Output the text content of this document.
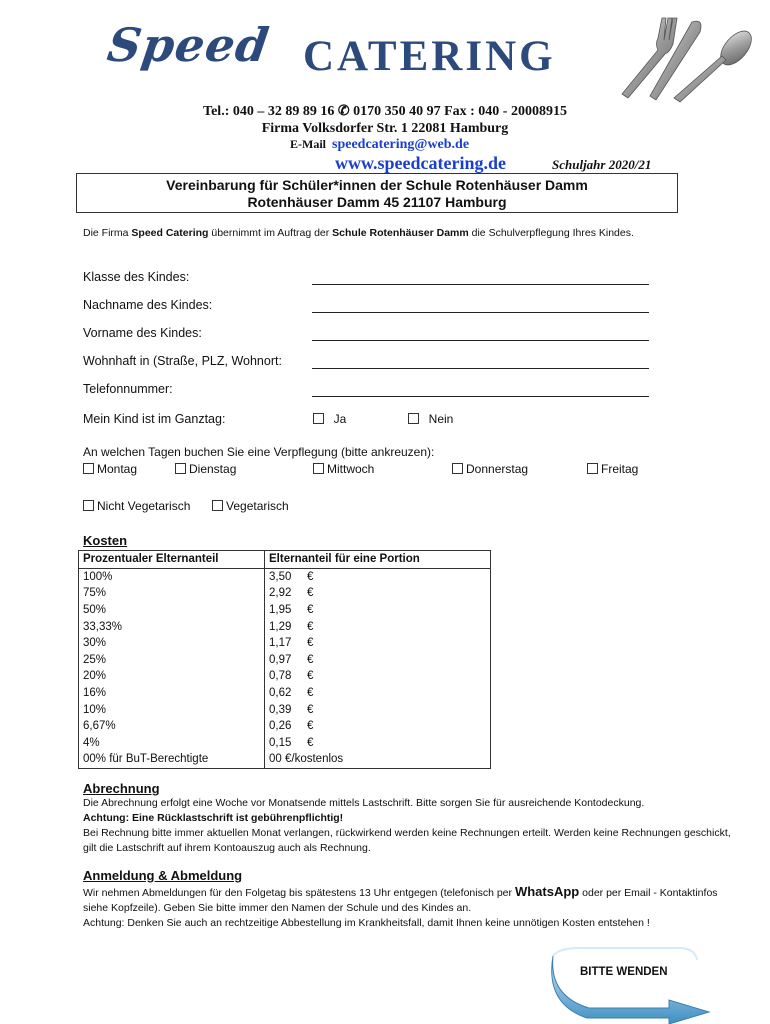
Speed CATERING
Tel.: 040 – 32 89 89 16 ✆ 0170 350 40 97 Fax : 040 - 20008915
Firma Volksdorfer Str. 1 22081 Hamburg
E-Mail speedcatering@web.de
www.speedcatering.de	Schuljahr 2020/21
Vereinbarung für Schüler*innen der Schule Rotenhäuser Damm
Rotenhäuser Damm 45 21107 Hamburg
Die Firma Speed Catering übernimmt im Auftrag der Schule Rotenhäuser Damm die Schulverpflegung Ihres Kindes.
Klasse des Kindes:
Nachname des Kindes:
Vorname des Kindes:
Wohnhaft in (Straße, PLZ, Wohnort:
Telefonnummer:
Mein Kind ist im Ganztag:	Ja	Nein
An welchen Tagen buchen Sie eine Verpflegung (bitte ankreuzen):
Montag	Dienstag	Mittwoch	Donnerstag	Freitag
Nicht Vegetarisch	Vegetarisch
Kosten
Prozentualer Elternanteil	Elternanteil für eine Portion
100%	3,50 €
75%	2,92 €
50%	1,95 €
33,33%	1,29 €
30%	1,17 €
25%	0,97 €
20%	0,78 €
16%	0,62 €
10%	0,39 €
6,67%	0,26 €
4%	0,15 €
00% für BuT-Berechtigte	00 €/kostenlos
Abrechnung
Die Abrechnung erfolgt eine Woche vor Monatsende mittels Lastschrift. Bitte sorgen Sie für ausreichende Kontodeckung.
Achtung: Eine Rücklastschrift ist gebührenpflichtig!
Bei Rechnung bitte immer aktuellen Monat verlangen, rückwirkend werden keine Rechnungen erteilt. Werden keine Rechnungen geschickt, gilt die Lastschrift auf ihrem Kontoauszug auch als Rechnung.
Anmeldung & Abmeldung
Wir nehmen Abmeldungen für den Folgetag bis spätestens 13 Uhr entgegen (telefonisch per WhatsApp oder per Email - Kontaktinfos siehe Kopfzeile). Geben Sie bitte immer den Namen der Schule und des Kindes an.
Achtung: Denken Sie auch an rechtzeitige Abbestellung im Krankheitsfall, damit Ihnen keine unnötigen Kosten entstehen !
BITTE WENDEN
